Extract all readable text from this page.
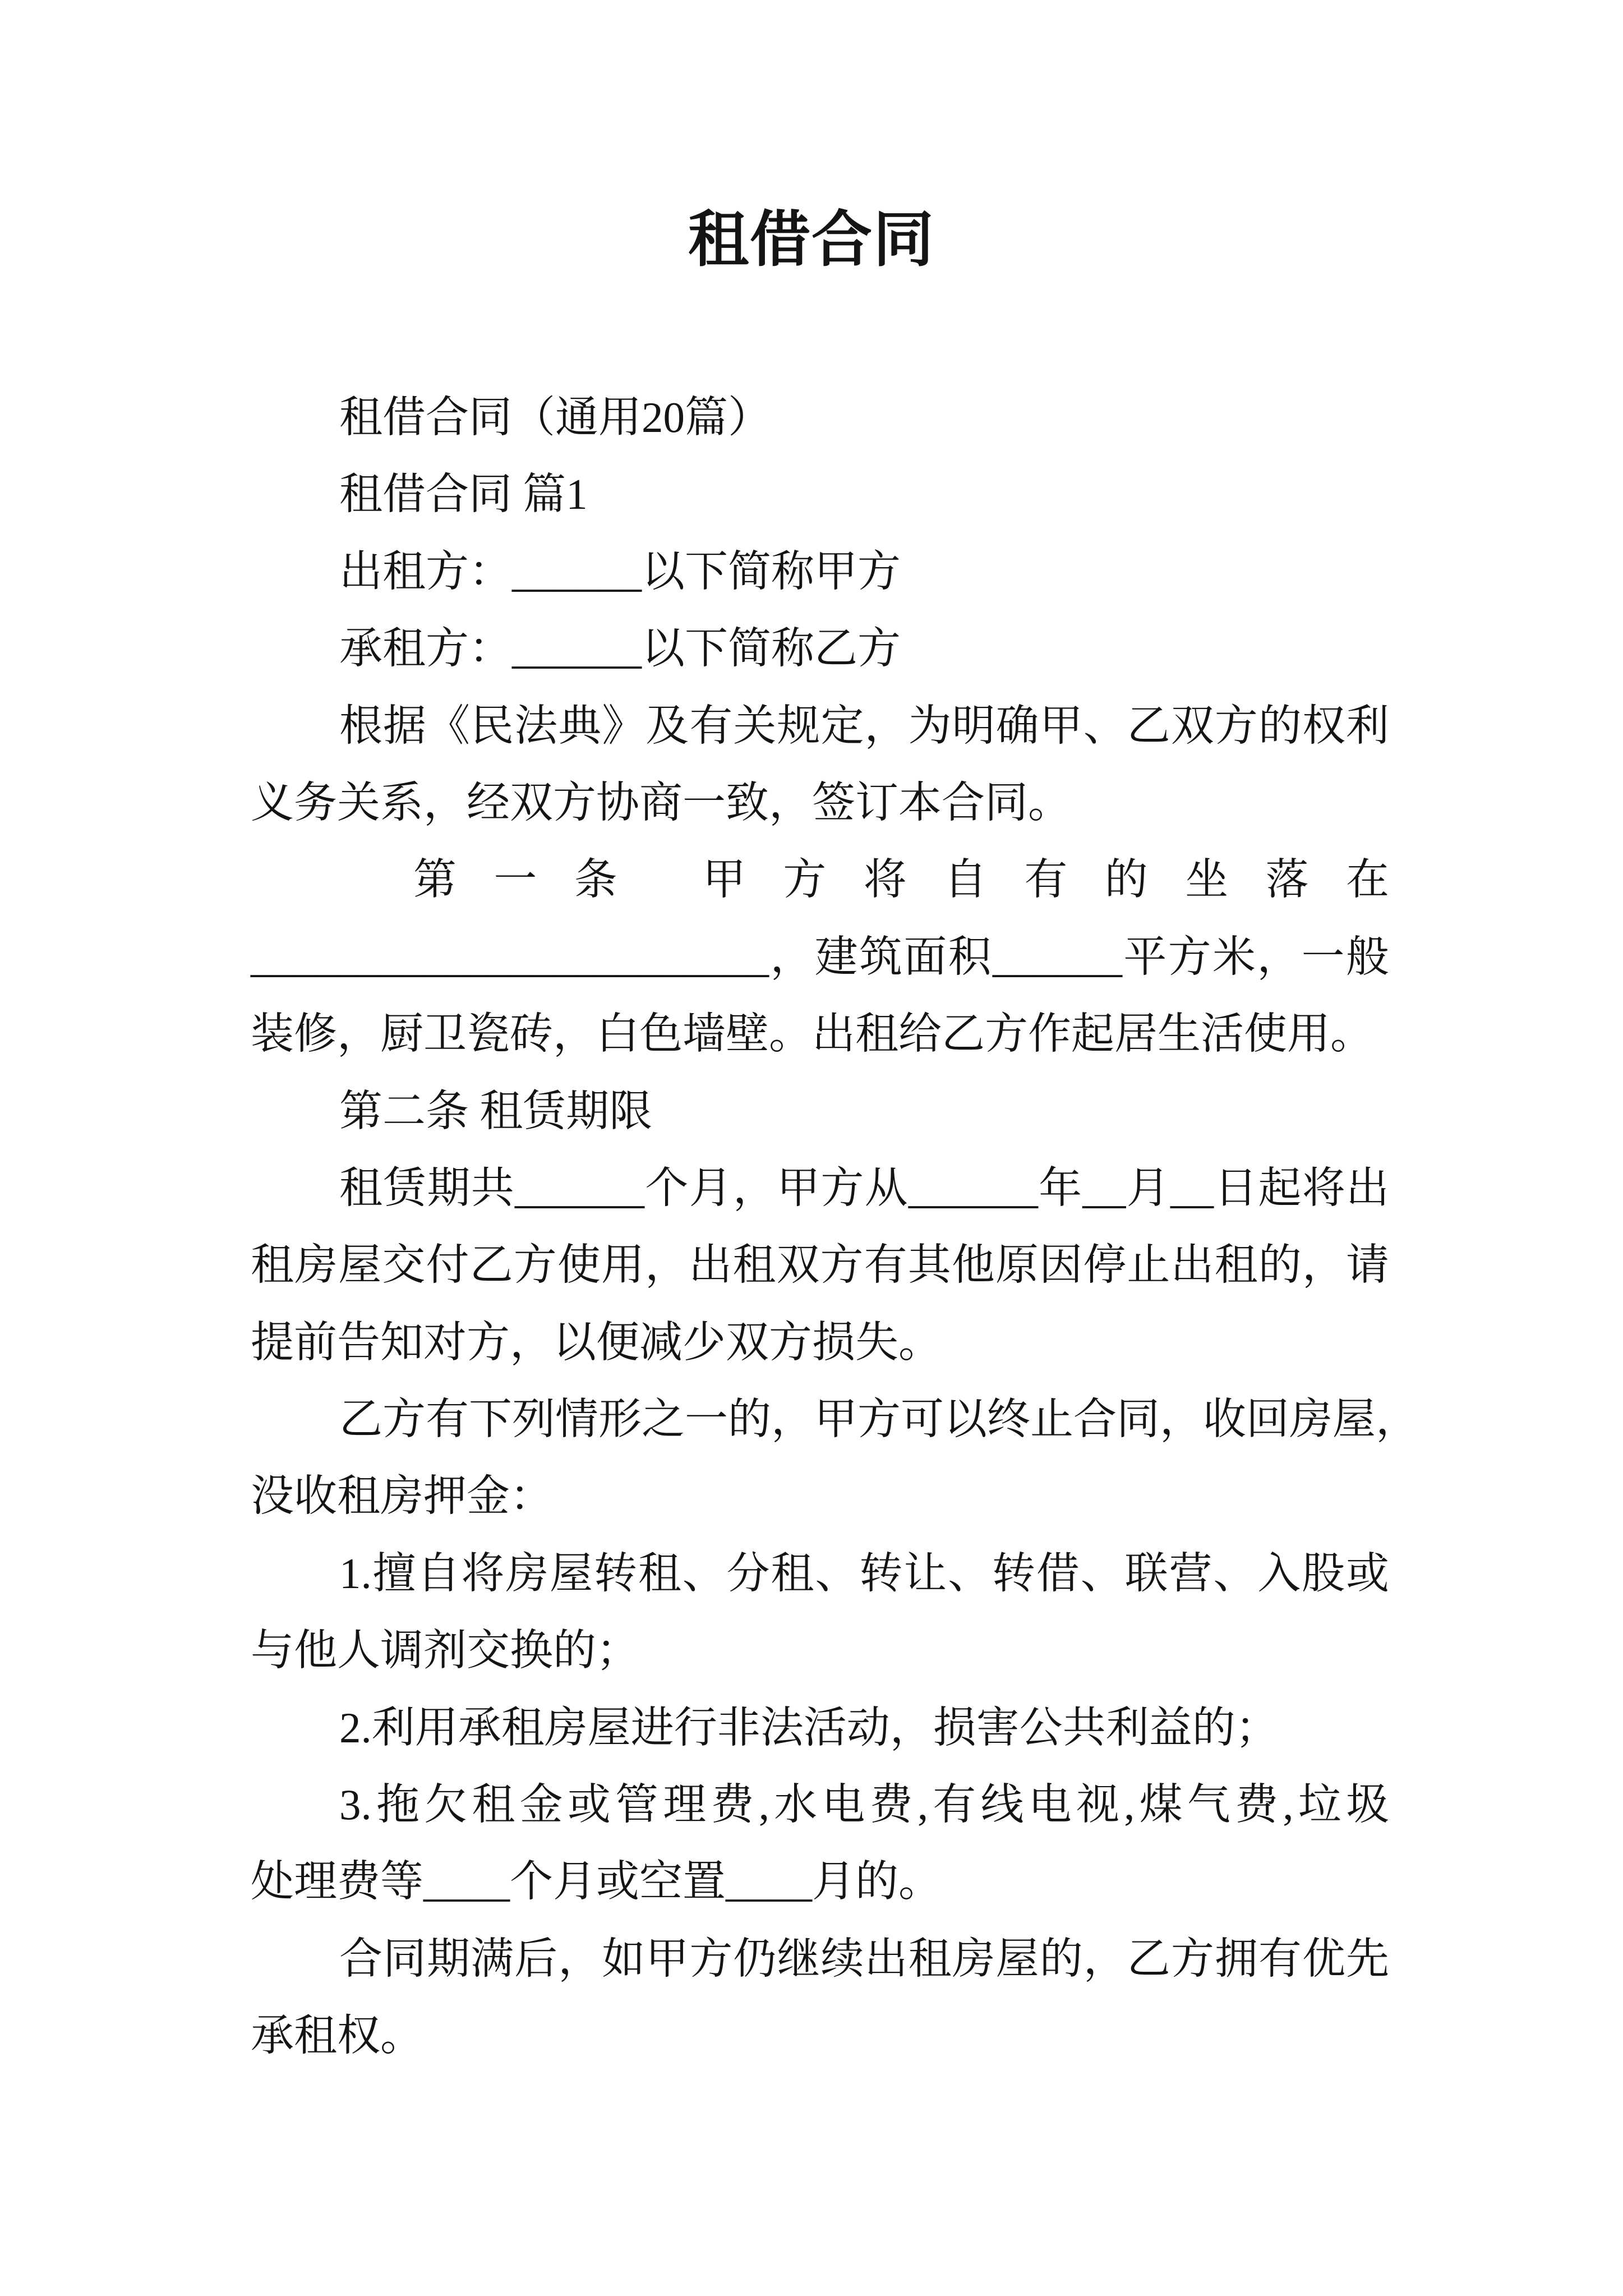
租借合同
租借合同（通用20篇）
租借合同 篇1
出租方：______以下简称甲方
承租方：______以下简称乙方
根据《民法典》及有关规定，为明确甲、乙双方的权利
义务关系，经双方协商一致，签订本合同。
第一条 甲方将自有的坐落在
________________________，建筑面积______平方米，一般
装修，厨卫瓷砖，白色墙壁。出租给乙方作起居生活使用。
第二条 租赁期限
租赁期共______个月，甲方从______年__月__日起将出
租房屋交付乙方使用，出租双方有其他原因停止出租的，请
提前告知对方，以便减少双方损失。
乙方有下列情形之一的，甲方可以终止合同，收回房屋，
没收租房押金：
1.擅自将房屋转租、分租、转让、转借、联营、入股或
与他人调剂交换的；
2.利用承租房屋进行非法活动，损害公共利益的；
3.拖欠租金或管理费,水电费,有线电视,煤气费,垃圾
处理费等____个月或空置____月的。
合同期满后，如甲方仍继续出租房屋的，乙方拥有优先
承租权。
